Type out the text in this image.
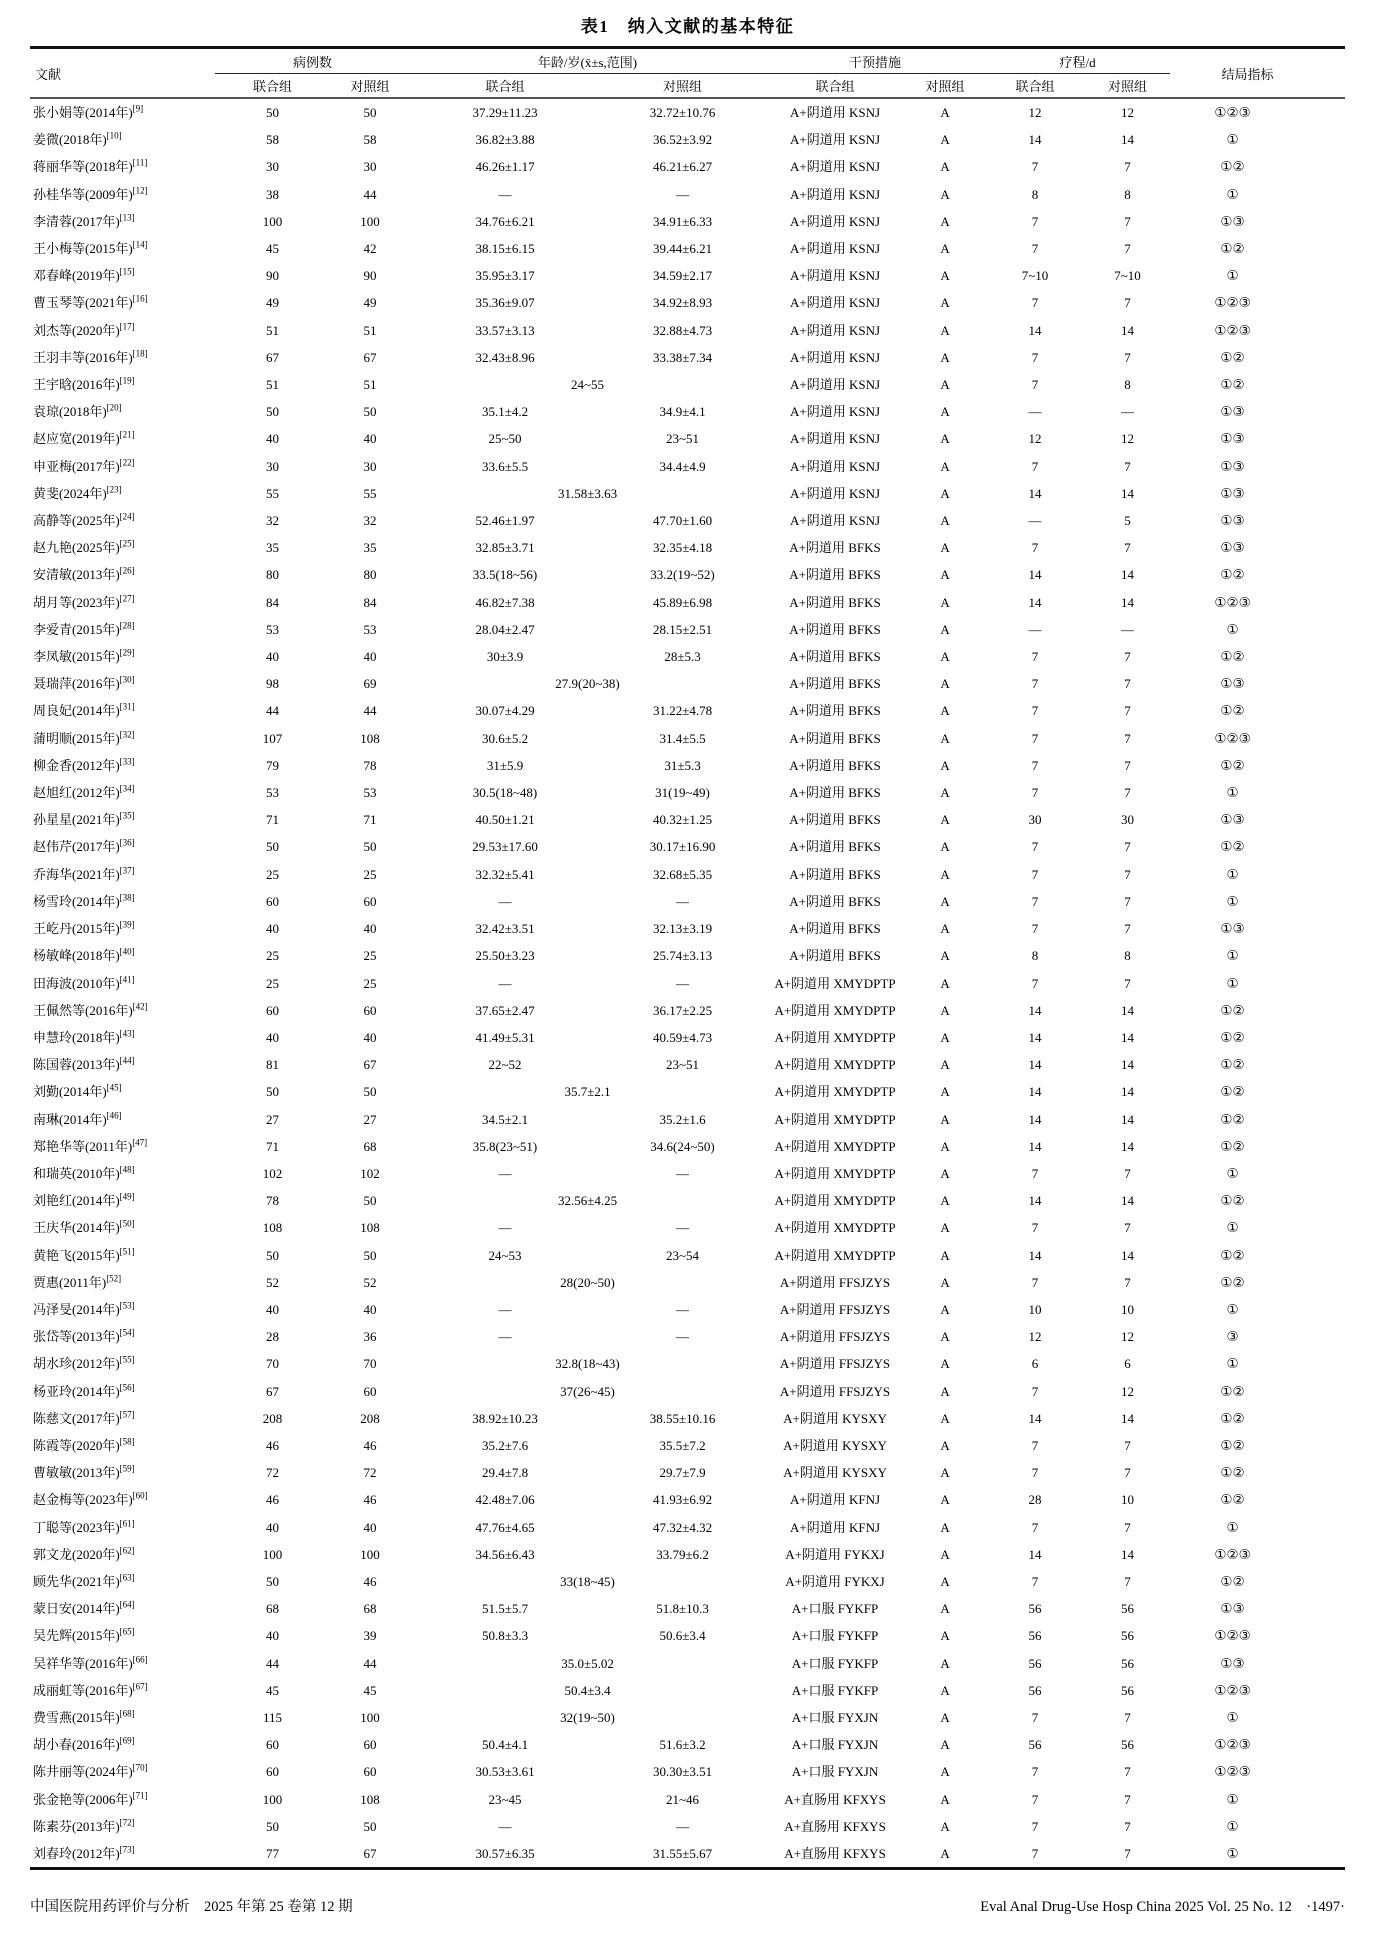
表1　纳入文献的基本特征
文献	病例数		年龄/岁(x̄±s,范围)		干预措施		疗程/d		结局指标
	联合组	对照组	联合组	对照组	联合组	对照组	联合组	对照组	
张小娟等(2014年)[9]	50	50	37.29±11.23	32.72±10.76	A+阴道用 KSNJ	A	12	12	①②③
姜微(2018年)[10]	58	58	36.82±3.88	36.52±3.92	A+阴道用 KSNJ	A	14	14	①
蒋丽华等(2018年)[11]	30	30	46.26±1.17	46.21±6.27	A+阴道用 KSNJ	A	7	7	①②
孙桂华等(2009年)[12]	38	44	—	—	A+阴道用 KSNJ	A	8	8	①
李清蓉(2017年)[13]	100	100	34.76±6.21	34.91±6.33	A+阴道用 KSNJ	A	7	7	①③
王小梅等(2015年)[14]	45	42	38.15±6.15	39.44±6.21	A+阴道用 KSNJ	A	7	7	①②
邓春峰(2019年)[15]	90	90	35.95±3.17	34.59±2.17	A+阴道用 KSNJ	A	7~10	7~10	①
曹玉琴等(2021年)[16]	49	49	35.36±9.07	34.92±8.93	A+阴道用 KSNJ	A	7	7	①②③
刘杰等(2020年)[17]	51	51	33.57±3.13	32.88±4.73	A+阴道用 KSNJ	A	14	14	①②③
王羽丰等(2016年)[18]	67	67	32.43±8.96	33.38±7.34	A+阴道用 KSNJ	A	7	7	①②
王宇晗(2016年)[19]	51	51	24~55		A+阴道用 KSNJ	A	7	8	①②
袁琼(2018年)[20]	50	50	35.1±4.2	34.9±4.1	A+阴道用 KSNJ	A	—	—	①③
赵应宽(2019年)[21]	40	40	25~50	23~51	A+阴道用 KSNJ	A	12	12	①③
申亚梅(2017年)[22]	30	30	33.6±5.5	34.4±4.9	A+阴道用 KSNJ	A	7	7	①③
黄斐(2024年)[23]	55	55	31.58±3.63		A+阴道用 KSNJ	A	14	14	①③
高静等(2025年)[24]	32	32	52.46±1.97	47.70±1.60	A+阴道用 KSNJ	A	—	5	①③
赵九艳(2025年)[25]	35	35	32.85±3.71	32.35±4.18	A+阴道用 BFKS	A	7	7	①③
安清敏(2013年)[26]	80	80	33.5(18~56)	33.2(19~52)	A+阴道用 BFKS	A	14	14	①②
胡月等(2023年)[27]	84	84	46.82±7.38	45.89±6.98	A+阴道用 BFKS	A	14	14	①②③
李爱青(2015年)[28]	53	53	28.04±2.47	28.15±2.51	A+阴道用 BFKS	A	—	—	①
李凤敏(2015年)[29]	40	40	30±3.9	28±5.3	A+阴道用 BFKS	A	7	7	①②
聂瑞萍(2016年)[30]	98	69	27.9(20~38)		A+阴道用 BFKS	A	7	7	①③
周良妃(2014年)[31]	44	44	30.07±4.29	31.22±4.78	A+阴道用 BFKS	A	7	7	①②
蒲明顺(2015年)[32]	107	108	30.6±5.2	31.4±5.5	A+阴道用 BFKS	A	7	7	①②③
柳金香(2012年)[33]	79	78	31±5.9	31±5.3	A+阴道用 BFKS	A	7	7	①②
赵旭红(2012年)[34]	53	53	30.5(18~48)	31(19~49)	A+阴道用 BFKS	A	7	7	①
孙星星(2021年)[35]	71	71	40.50±1.21	40.32±1.25	A+阴道用 BFKS	A	30	30	①③
赵伟芹(2017年)[36]	50	50	29.53±17.60	30.17±16.90	A+阴道用 BFKS	A	7	7	①②
乔海华(2021年)[37]	25	25	32.32±5.41	32.68±5.35	A+阴道用 BFKS	A	7	7	①
杨雪玲(2014年)[38]	60	60	—	—	A+阴道用 BFKS	A	7	7	①
王屹丹(2015年)[39]	40	40	32.42±3.51	32.13±3.19	A+阴道用 BFKS	A	7	7	①③
杨敏峰(2018年)[40]	25	25	25.50±3.23	25.74±3.13	A+阴道用 BFKS	A	8	8	①
田海波(2010年)[41]	25	25	—	—	A+阴道用 XMYDPTP	A	7	7	①
王佩然等(2016年)[42]	60	60	37.65±2.47	36.17±2.25	A+阴道用 XMYDPTP	A	14	14	①②
申慧玲(2018年)[43]	40	40	41.49±5.31	40.59±4.73	A+阴道用 XMYDPTP	A	14	14	①②
陈国蓉(2013年)[44]	81	67	22~52	23~51	A+阴道用 XMYDPTP	A	14	14	①②
刘勤(2014年)[45]	50	50	35.7±2.1		A+阴道用 XMYDPTP	A	14	14	①②
南琳(2014年)[46]	27	27	34.5±2.1	35.2±1.6	A+阴道用 XMYDPTP	A	14	14	①②
郑艳华等(2011年)[47]	71	68	35.8(23~51)	34.6(24~50)	A+阴道用 XMYDPTP	A	14	14	①②
和瑞英(2010年)[48]	102	102	—	—	A+阴道用 XMYDPTP	A	7	7	①
刘艳红(2014年)[49]	78	50	32.56±4.25		A+阴道用 XMYDPTP	A	14	14	①②
王庆华(2014年)[50]	108	108	—	—	A+阴道用 XMYDPTP	A	7	7	①
黄艳飞(2015年)[51]	50	50	24~53	23~54	A+阴道用 XMYDPTP	A	14	14	①②
贾惠(2011年)[52]	52	52	28(20~50)		A+阴道用 FFSJZYS	A	7	7	①②
冯泽旻(2014年)[53]	40	40	—	—	A+阴道用 FFSJZYS	A	10	10	①
张岱等(2013年)[54]	28	36	—	—	A+阴道用 FFSJZYS	A	12	12	③
胡水珍(2012年)[55]	70	70	32.8(18~43)		A+阴道用 FFSJZYS	A	6	6	①
杨亚玲(2014年)[56]	67	60	37(26~45)		A+阴道用 FFSJZYS	A	7	12	①②
陈慈文(2017年)[57]	208	208	38.92±10.23	38.55±10.16	A+阴道用 KYSXY	A	14	14	①②
陈霞等(2020年)[58]	46	46	35.2±7.6	35.5±7.2	A+阴道用 KYSXY	A	7	7	①②
曹敏敏(2013年)[59]	72	72	29.4±7.8	29.7±7.9	A+阴道用 KYSXY	A	7	7	①②
赵金梅等(2023年)[60]	46	46	42.48±7.06	41.93±6.92	A+阴道用 KFNJ	A	28	10	①②
丁聪等(2023年)[61]	40	40	47.76±4.65	47.32±4.32	A+阴道用 KFNJ	A	7	7	①
郭文龙(2020年)[62]	100	100	34.56±6.43	33.79±6.2	A+阴道用 FYKXJ	A	14	14	①②③
顾先华(2021年)[63]	50	46	33(18~45)		A+阴道用 FYKXJ	A	7	7	①②
蒙日安(2014年)[64]	68	68	51.5±5.7	51.8±10.3	A+口服 FYKFP	A	56	56	①③
吴先辉(2015年)[65]	40	39	50.8±3.3	50.6±3.4	A+口服 FYKFP	A	56	56	①②③
吴祥华等(2016年)[66]	44	44	35.0±5.02		A+口服 FYKFP	A	56	56	①③
成丽虹等(2016年)[67]	45	45	50.4±3.4		A+口服 FYKFP	A	56	56	①②③
费雪燕(2015年)[68]	115	100	32(19~50)		A+口服 FYXJN	A	7	7	①
胡小春(2016年)[69]	60	60	50.4±4.1	51.6±3.2	A+口服 FYXJN	A	56	56	①②③
陈井丽等(2024年)[70]	60	60	30.53±3.61	30.30±3.51	A+口服 FYXJN	A	7	7	①②③
张金艳等(2006年)[71]	100	108	23~45	21~46	A+直肠用 KFXYS	A	7	7	①
陈素芬(2013年)[72]	50	50	—	—	A+直肠用 KFXYS	A	7	7	①
刘春玲(2012年)[73]	77	67	30.57±6.35	31.55±5.67	A+直肠用 KFXYS	A	7	7	①
中国医院用药评价与分析　2025 年第 25 卷第 12 期	Eval Anal Drug-Use Hosp China 2025 Vol. 25 No. 12　·1497·
